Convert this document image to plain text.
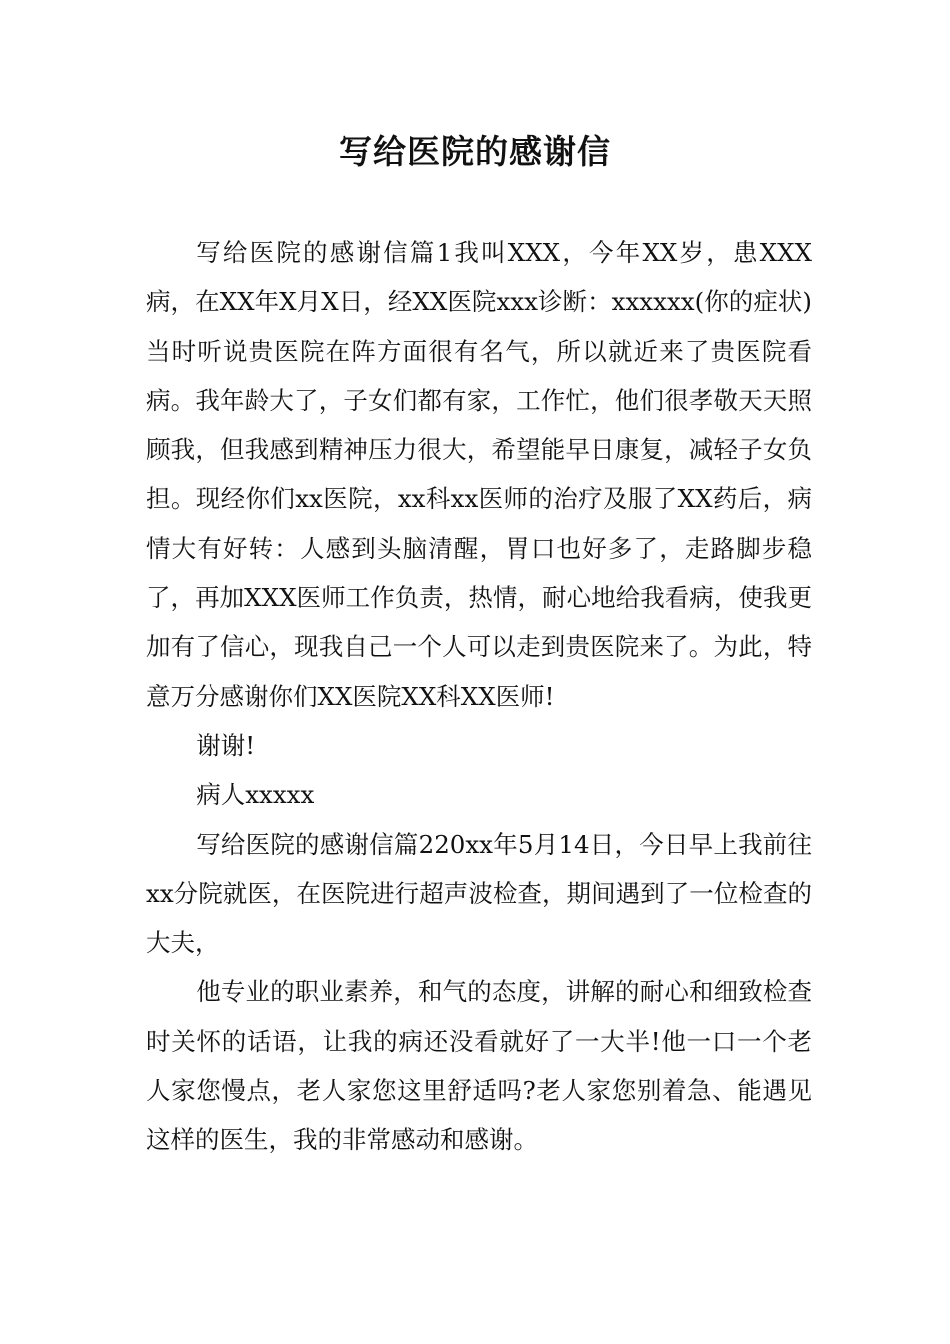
写给医院的感谢信

写给医院的感谢信篇1我叫XXX，今年XX岁，患XXX病，在XX年X月X日，经XX医院xxx诊断：xxxxxx(你的症状)当时听说贵医院在阵方面很有名气，所以就近来了贵医院看病。我年龄大了，子女们都有家，工作忙，他们很孝敬天天照顾我，但我感到精神压力很大，希望能早日康复，减轻子女负担。现经你们xx医院，xx科xx医师的治疗及服了XX药后，病情大有好转：人感到头脑清醒，胃口也好多了，走路脚步稳了，再加XXX医师工作负责，热情，耐心地给我看病，使我更加有了信心，现我自己一个人可以走到贵医院来了。为此，特意万分感谢你们XX医院XX科XX医师!

谢谢!

病人xxxxx

写给医院的感谢信篇220xx年5月14日，今日早上我前往xx分院就医，在医院进行超声波检查，期间遇到了一位检查的大夫，

他专业的职业素养，和气的态度，讲解的耐心和细致检查时关怀的话语，让我的病还没看就好了一大半!他一口一个老人家您慢点，老人家您这里舒适吗?老人家您别着急、能遇见这样的医生，我的非常感动和感谢。
